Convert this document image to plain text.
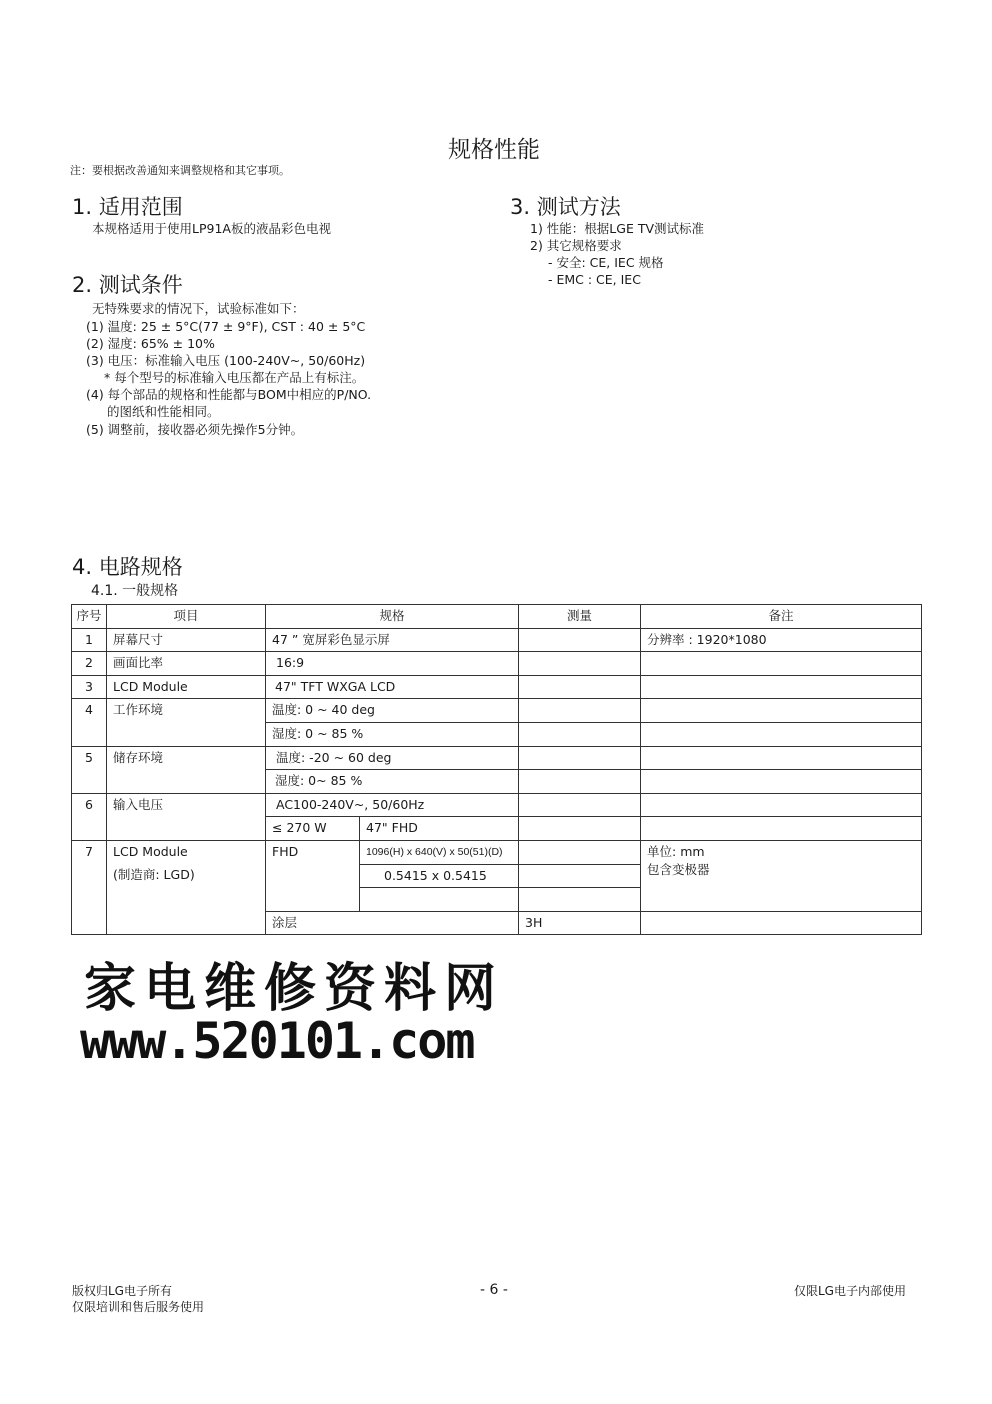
规格性能
注：要根据改善通知来调整规格和其它事项。
1. 适用范围
本规格适用于使用LP91A板的液晶彩色电视
2. 测试条件
无特殊要求的情况下，试验标准如下：
(1) 温度: 25 ± 5°C(77 ± 9°F), CST : 40 ± 5°C
(2) 湿度: 65% ± 10%
(3) 电压：标准输入电压 (100-240V~, 50/60Hz)
* 每个型号的标准输入电压都在产品上有标注。
(4) 每个部品的规格和性能都与BOM中相应的P/NO.
的图纸和性能相同。
(5) 调整前，接收器必须先操作5分钟。
3. 测试方法
1) 性能：根据LGE TV测试标准
2) 其它规格要求
- 安全: CE, IEC 规格
- EMC : CE, IEC
4. 电路规格
4.1. 一般规格
序号	项目	规格		测量	备注
1	屏幕尺寸	47 ” 宽屏彩色显示屏			分辨率 : 1920*1080
2	画面比率	16:9			
3	LCD Module	47" TFT WXGA LCD			
4	工作环境	温度: 0 ~ 40 deg			
		湿度: 0 ~ 85 %			
5	储存环境	温度: -20 ~ 60 deg			
		湿度: 0~ 85 %			
6	输入电压	AC100-240V~, 50/60Hz			
		≤ 270 W	47" FHD		
7	LCD Module	FHD	1096(H) x 640(V) x 50(51)(D)		单位: mm
	(制造商: LGD)		0.5415 x 0.5415		包含变极器

		涂层		3H	
家电维修资料网
www.520101.com
版权归LG电子所有
仅限培训和售后服务使用
- 6 -	仅限LG电子内部使用
